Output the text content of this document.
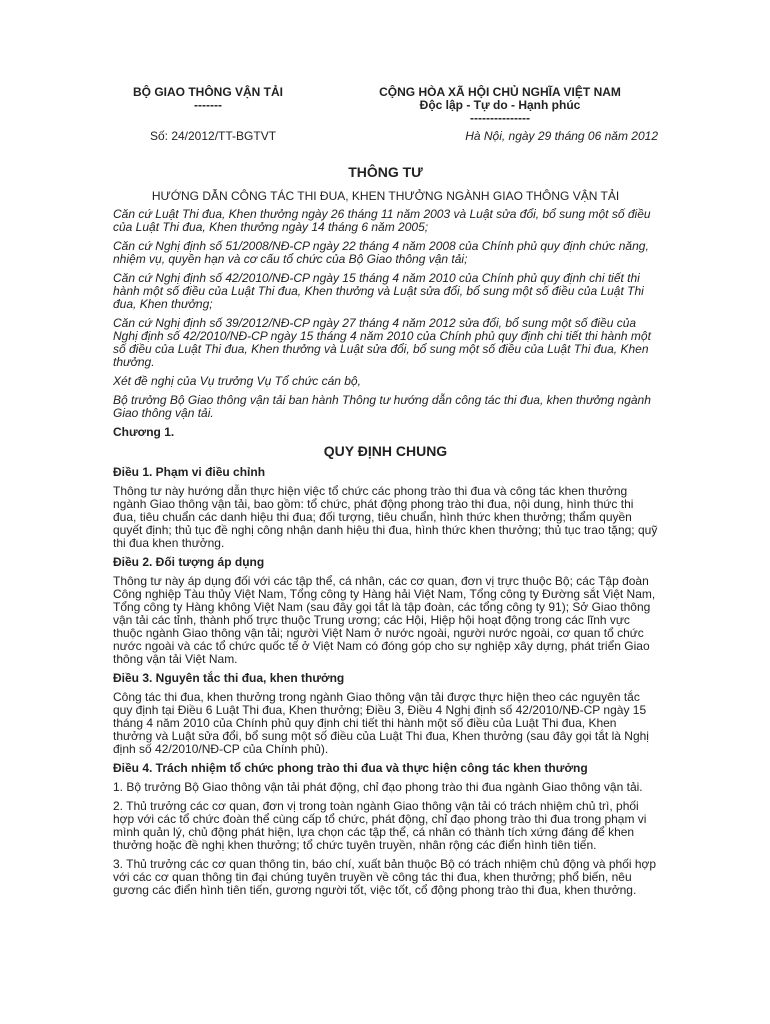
BỘ GIAO THÔNG VẬN TẢI
-------
CỘNG HÒA XÃ HỘI CHỦ NGHĨA VIỆT NAM
Độc lập - Tự do - Hạnh phúc
---------------
Số: 24/2012/TT-BGTVT	Hà Nội, ngày 29 tháng 06 năm 2012
THÔNG TƯ
HƯỚNG DẪN CÔNG TÁC THI ĐUA, KHEN THƯỞNG NGÀNH GIAO THÔNG VẬN TẢI

Căn cứ Luật Thi đua, Khen thưởng ngày 26 tháng 11 năm 2003 và Luật sửa đổi, bổ sung một số điều của Luật Thi đua, Khen thưởng ngày 14 tháng 6 năm 2005;

Căn cứ Nghị định số 51/2008/NĐ-CP ngày 22 tháng 4 năm 2008 của Chính phủ quy định chức năng, nhiệm vụ, quyền hạn và cơ cấu tổ chức của Bộ Giao thông vận tải;

Căn cứ Nghị định số 42/2010/NĐ-CP ngày 15 tháng 4 năm 2010 của Chính phủ quy định chi tiết thi hành một số điều của Luật Thi đua, Khen thưởng và Luật sửa đổi, bổ sung một số điều của Luật Thi đua, Khen thưởng;

Căn cứ Nghị định số 39/2012/NĐ-CP ngày 27 tháng 4 năm 2012 sửa đổi, bổ sung một số điều của Nghị định số 42/2010/NĐ-CP ngày 15 tháng 4 năm 2010 của Chính phủ quy định chi tiết thi hành một số điều của Luật Thi đua, Khen thưởng và Luật sửa đổi, bổ sung một số điều của Luật Thi đua, Khen thưởng.

Xét đề nghị của Vụ trưởng Vụ Tổ chức cán bộ,

Bộ trưởng Bộ Giao thông vận tải ban hành Thông tư hướng dẫn công tác thi đua, khen thưởng ngành Giao thông vận tải.

Chương 1.

QUY ĐỊNH CHUNG

Điều 1. Phạm vi điều chỉnh

Thông tư này hướng dẫn thực hiện việc tổ chức các phong trào thi đua và công tác khen thưởng ngành Giao thông vận tải, bao gồm: tổ chức, phát động phong trào thi đua, nội dung, hình thức thi đua, tiêu chuẩn các danh hiệu thi đua; đối tượng, tiêu chuẩn, hình thức khen thưởng; thẩm quyền quyết định; thủ tục đề nghị công nhận danh hiệu thi đua, hình thức khen thưởng; thủ tục trao tặng; quỹ thi đua khen thưởng.

Điều 2. Đối tượng áp dụng

Thông tư này áp dụng đối với các tập thể, cá nhân, các cơ quan, đơn vị trực thuộc Bộ; các Tập đoàn Công nghiệp Tàu thủy Việt Nam, Tổng công ty Hàng hải Việt Nam, Tổng công ty Đường sắt Việt Nam, Tổng công ty Hàng không Việt Nam (sau đây gọi tắt là tập đoàn, các tổng công ty 91); Sở Giao thông vận tải các tỉnh, thành phố trực thuộc Trung ương; các Hội, Hiệp hội hoạt động trong các lĩnh vực thuộc ngành Giao thông vận tải; người Việt Nam ở nước ngoài, người nước ngoài, cơ quan tổ chức nước ngoài và các tổ chức quốc tế ở Việt Nam có đóng góp cho sự nghiệp xây dựng, phát triển Giao thông vận tải Việt Nam.

Điều 3. Nguyên tắc thi đua, khen thưởng

Công tác thi đua, khen thưởng trong ngành Giao thông vận tải được thực hiện theo các nguyên tắc quy định tại Điều 6 Luật Thi đua, Khen thưởng; Điều 3, Điều 4 Nghị định số 42/2010/NĐ-CP ngày 15 tháng 4 năm 2010 của Chính phủ quy định chi tiết thi hành một số điều của Luật Thi đua, Khen thưởng và Luật sửa đổi, bổ sung một số điều của Luật Thi đua, Khen thưởng (sau đây gọi tắt là Nghị định số 42/2010/NĐ-CP của Chính phủ).

Điều 4. Trách nhiệm tổ chức phong trào thi đua và thực hiện công tác khen thưởng

1. Bộ trưởng Bộ Giao thông vận tải phát động, chỉ đạo phong trào thi đua ngành Giao thông vận tải.

2. Thủ trưởng các cơ quan, đơn vị trong toàn ngành Giao thông vận tải có trách nhiệm chủ trì, phối hợp với các tổ chức đoàn thể cùng cấp tổ chức, phát động, chỉ đạo phong trào thi đua trong phạm vi mình quản lý, chủ động phát hiện, lựa chọn các tập thể, cá nhân có thành tích xứng đáng để khen thưởng hoặc đề nghị khen thưởng; tổ chức tuyên truyền, nhân rộng các điển hình tiên tiến.

3. Thủ trưởng các cơ quan thông tin, báo chí, xuất bản thuộc Bộ có trách nhiệm chủ động và phối hợp với các cơ quan thông tin đại chúng tuyên truyền về công tác thi đua, khen thưởng; phổ biến, nêu gương các điển hình tiên tiến, gương người tốt, việc tốt, cổ động phong trào thi đua, khen thưởng.
